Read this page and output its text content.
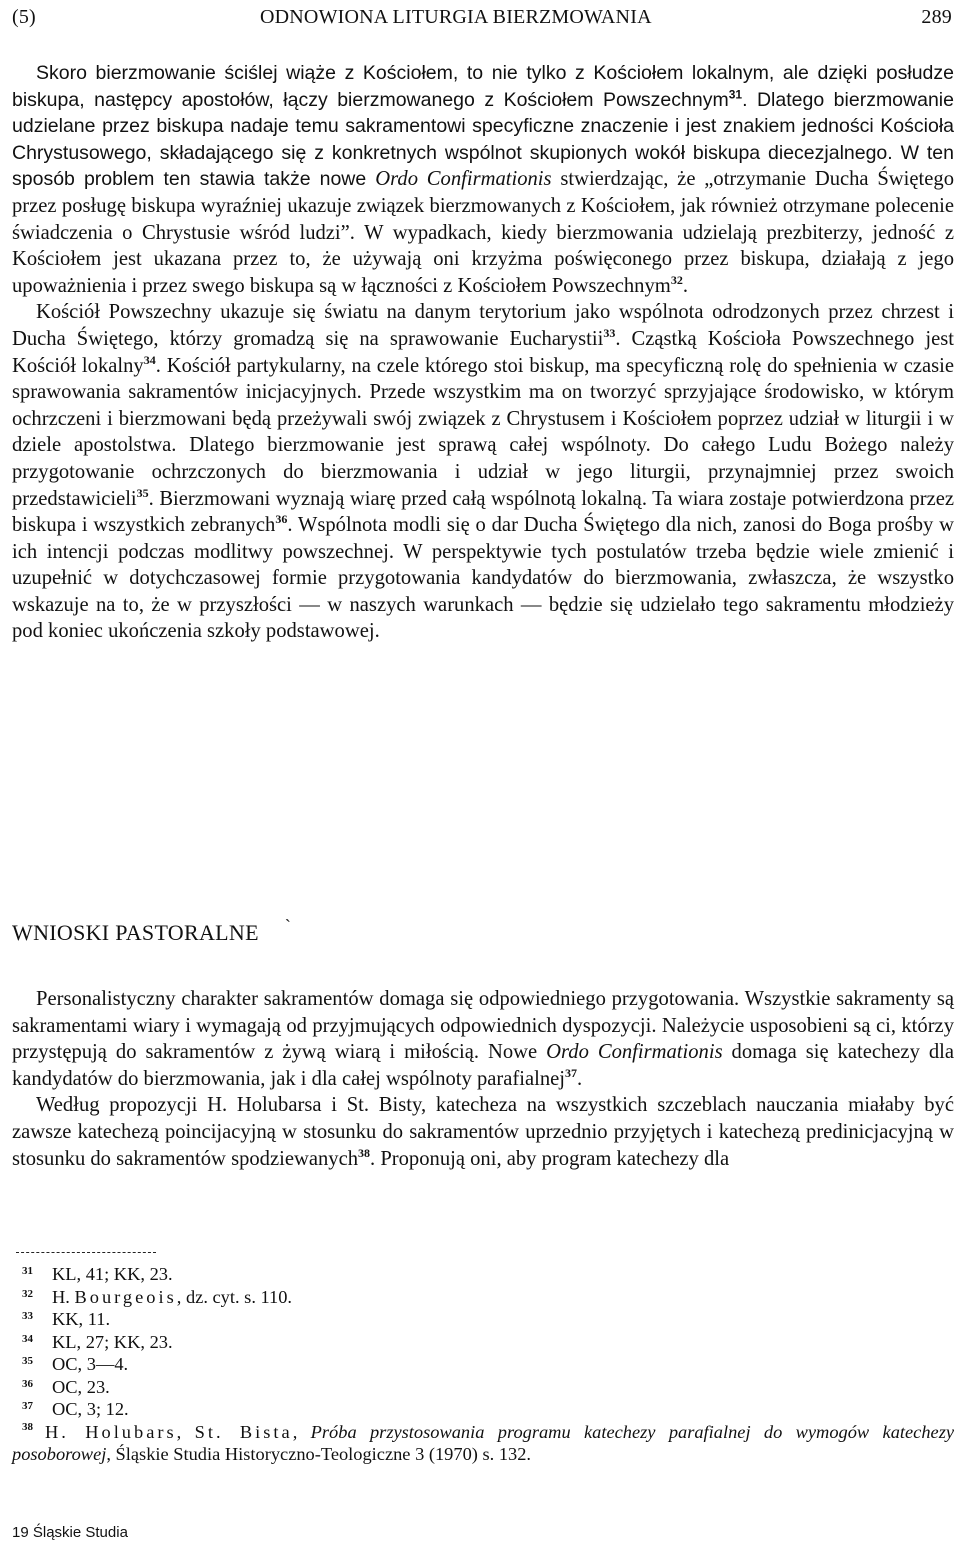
(5)	ODNOWIONA LITURGIA BIERZMOWANIA	289

Skoro bierzmowanie ściślej wiąże z Kościołem, to nie tylko z Kościołem lokalnym, ale dzięki posłudze biskupa, następcy apostołów, łączy bierzmowanego z Kościołem Powszechnym$^{31}$. Dlatego bierzmowanie udzielane przez biskupa nadaje temu sakramentowi specyficzne znaczenie i jest znakiem jedności Kościoła Chrystusowego, składającego się z konkretnych wspólnot skupionych wokół biskupa diecezjalnego. W ten sposób problem ten stawia także nowe Ordo Confirmationis stwierdzając, że „otrzymanie Ducha Świętego przez posługę biskupa wyraźniej ukazuje związek bierzmowanych z Kościołem, jak również otrzymane polecenie świadczenia o Chrystusie wśród ludzi”. W wypadkach, kiedy bierzmowania udzielają prezbiterzy, jedność z Kościołem jest ukazana przez to, że używają oni krzyżma poświęconego przez biskupa, działają z jego upoważnienia i przez swego biskupa są w łączności z Kościołem Powszechnym$^{32}$.

Kościół Powszechny ukazuje się światu na danym terytorium jako wspólnota odrodzonych przez chrzest i Ducha Świętego, którzy gromadzą się na sprawowanie Eucharystii$^{33}$. Cząstką Kościoła Powszechnego jest Kościół lokalny$^{34}$. Kościół partykularny, na czele którego stoi biskup, ma specyficzną rolę do spełnienia w czasie sprawowania sakramentów inicjacyjnych. Przede wszystkim ma on tworzyć sprzyjające środowisko, w którym ochrzczeni i bierzmowani będą przeżywali swój związek z Chrystusem i Kościołem poprzez udział w liturgii i w dziele apostolstwa. Dlatego bierzmowanie jest sprawą całej wspólnoty. Do całego Ludu Bożego należy przygotowanie ochrzczonych do bierzmowania i udział w jego liturgii, przynajmniej przez swoich przedstawicieli$^{35}$. Bierzmowani wyznają wiarę przed całą wspólnotą lokalną. Ta wiara zostaje potwierdzona przez biskupa i wszystkich zebranych$^{36}$. Wspólnota modli się o dar Ducha Świętego dla nich, zanosi do Boga prośby w ich intencji podczas modlitwy powszechnej. W perspektywie tych postulatów trzeba będzie wiele zmienić i uzupełnić w dotychczasowej formie przygotowania kandydatów do bierzmowania, zwłaszcza, że wszystko wskazuje na to, że w przyszłości — w naszych warunkach — będzie się udzielało tego sakramentu młodzieży pod koniec ukończenia szkoły podstawowej.

WNIOSKI PASTORALNE `

Personalistyczny charakter sakramentów domaga się odpowiedniego przygotowania. Wszystkie sakramenty są sakramentami wiary i wymagają od przyjmujących odpowiednich dyspozycji. Należycie usposobieni są ci, którzy przystępują do sakramentów z żywą wiarą i miłością. Nowe Ordo Confirmationis domaga się katechezy dla kandydatów do bierzmowania, jak i dla całej wspólnoty parafialnej$^{37}$.

Według propozycji H. Holubarsa i St. Bisty, katecheza na wszystkich szczeblach nauczania miałaby być zawsze katechezą poincijacyjną w stosunku do sakramentów uprzednio przyjętych i katechezą predinicjacyjną w stosunku do sakramentów spodziewanych$^{38}$. Proponują oni, aby program katechezy dla

31 KL, 41; KK, 23.
32 H. Bourgeois, dz. cyt. s. 110.
33 KK, 11.
34 KL, 27; KK, 23.
35 OC, 3—4.
36 OC, 23.
37 OC, 3; 12.
$^{38}$ H. Holubars, St. Bista, Próba przystosowania programu katechezy parafialnej do wymogów katechezy posoborowej, Śląskie Studia Historyczno-Teologiczne 3 (1970) s. 132.
19 Śląskie Studia
